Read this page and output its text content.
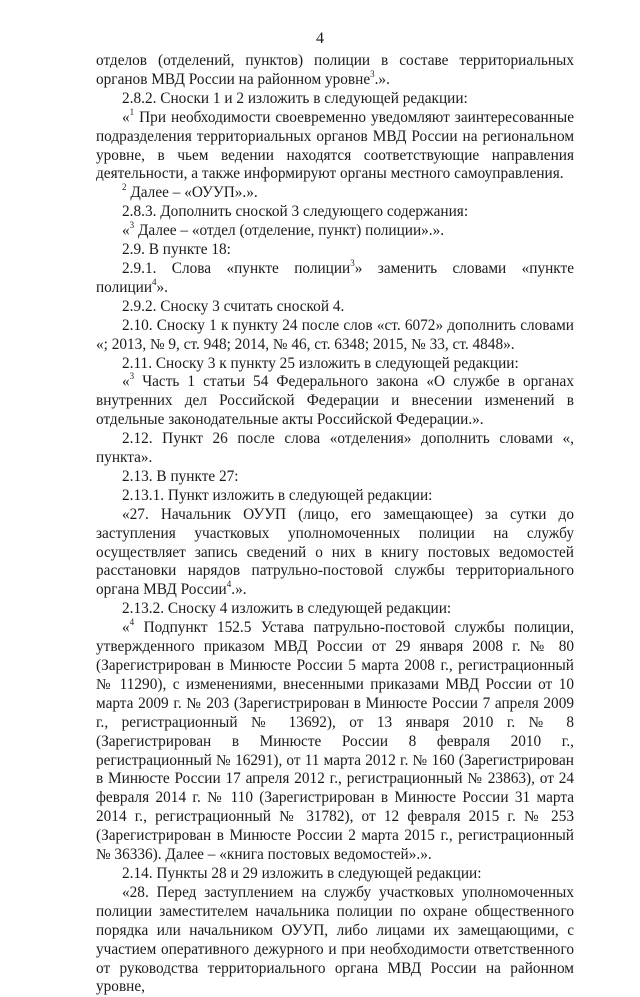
4

отделов (отделений, пунктов) полиции в составе территориальных органов МВД России на районном уровне$^3$.».

2.8.2. Сноски 1 и 2 изложить в следующей редакции:

«$^1$ При необходимости своевременно уведомляют заинтересованные подразделения территориальных органов МВД России на региональном уровне, в чьем ведении находятся соответствующие направления деятельности, а также информируют органы местного самоуправления.

$^2$ Далее – «ОУУП».».

2.8.3. Дополнить сноской 3 следующего содержания:

«$^3$ Далее – «отдел (отделение, пункт) полиции».».

2.9. В пункте 18:

2.9.1. Слова «пункте полиции$^3$» заменить словами «пункте полиции$^4$».

2.9.2. Сноску 3 считать сноской 4.

2.10. Сноску 1 к пункту 24 после слов «ст. 6072» дополнить словами «; 2013, № 9, ст. 948; 2014, № 46, ст. 6348; 2015, № 33, ст. 4848».

2.11. Сноску 3 к пункту 25 изложить в следующей редакции:

«$^3$ Часть 1 статьи 54 Федерального закона «О службе в органах внутренних дел Российской Федерации и внесении изменений в отдельные законодательные акты Российской Федерации.».

2.12. Пункт 26 после слова «отделения» дополнить словами «, пункта».

2.13. В пункте 27:

2.13.1. Пункт изложить в следующей редакции:

«27. Начальник ОУУП (лицо, его замещающее) за сутки до заступления участковых уполномоченных полиции на службу осуществляет запись сведений о них в книгу постовых ведомостей расстановки нарядов патрульно-постовой службы территориального органа МВД России$^4$.».

2.13.2. Сноску 4 изложить в следующей редакции:

«$^4$ Подпункт 152.5 Устава патрульно-постовой службы полиции, утвержденного приказом МВД России от 29 января 2008 г. № 80 (Зарегистрирован в Минюсте России 5 марта 2008 г., регистрационный № 11290), с изменениями, внесенными приказами МВД России от 10 марта 2009 г. № 203 (Зарегистрирован в Минюсте России 7 апреля 2009 г., регистрационный № 13692), от 13 января 2010 г. № 8 (Зарегистрирован в Минюсте России 8 февраля 2010 г., регистрационный № 16291), от 11 марта 2012 г. № 160 (Зарегистрирован в Минюсте России 17 апреля 2012 г., регистрационный № 23863), от 24 февраля 2014 г. № 110 (Зарегистрирован в Минюсте России 31 марта 2014 г., регистрационный № 31782), от 12 февраля 2015 г. № 253 (Зарегистрирован в Минюсте России 2 марта 2015 г., регистрационный № 36336). Далее – «книга постовых ведомостей».».

2.14. Пункты 28 и 29 изложить в следующей редакции:

«28. Перед заступлением на службу участковых уполномоченных полиции заместителем начальника полиции по охране общественного порядка или начальником ОУУП, либо лицами их замещающими, с участием оперативного дежурного и при необходимости ответственного от руководства территориального органа МВД России на районном уровне,
